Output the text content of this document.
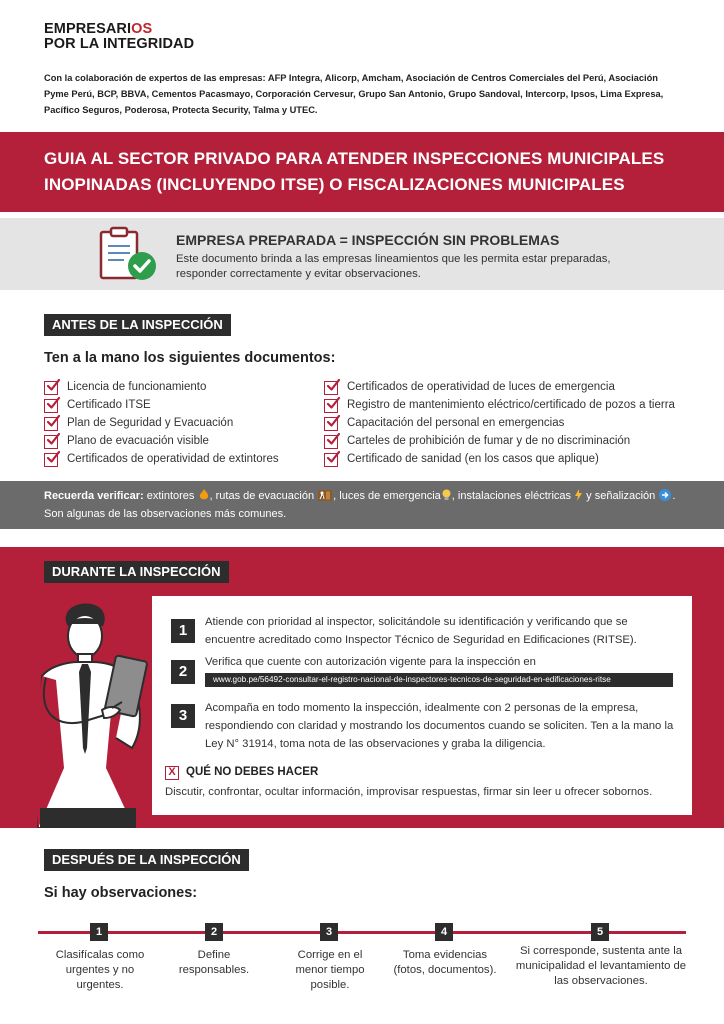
EMPRESARIOS
POR LA INTEGRIDAD
Con la colaboración de expertos de las empresas: AFP Integra, Alicorp, Amcham, Asociación de Centros Comerciales del Perú, Asociación Pyme Perú, BCP, BBVA, Cementos Pacasmayo, Corporación Cervesur, Grupo San Antonio, Grupo Sandoval, Intercorp, Ipsos, Lima Expresa, Pacífico Seguros, Poderosa, Protecta Security, Talma y UTEC.
GUIA AL SECTOR PRIVADO PARA ATENDER INSPECCIONES MUNICIPALES INOPINADAS (INCLUYENDO ITSE) O FISCALIZACIONES MUNICIPALES
EMPRESA PREPARADA = INSPECCIÓN SIN PROBLEMAS
Este documento brinda a las empresas lineamientos que les permita estar preparadas, responder correctamente y evitar observaciones.
ANTES DE LA INSPECCIÓN
Ten a la mano los siguientes documentos:
Licencia de funcionamiento
Certificado ITSE
Plan de Seguridad y Evacuación
Plano de evacuación visible
Certificados de operatividad de extintores
Certificados de operatividad de luces de emergencia
Registro de mantenimiento eléctrico/certificado de pozos a tierra
Capacitación del personal en emergencias
Carteles de prohibición de fumar y de no discriminación
Certificado de sanidad (en los casos que aplique)
Recuerda verificar: extintores , rutas de evacuación , luces de emergencia , instalaciones eléctricas y señalización .
Son algunas de las observaciones más comunes.
DURANTE LA INSPECCIÓN
1	Atiende con prioridad al inspector, solicitándole su identificación y verificando que se encuentre acreditado como Inspector Técnico de Seguridad en Edificaciones (RITSE).
2
Verifica que cuente con autorización vigente para la inspección en
www.gob.pe/56492-consultar-el-registro-nacional-de-inspectores-tecnicos-de-seguridad-en-edificaciones-ritse
3	Acompaña en todo momento la inspección, idealmente con 2 personas de la empresa, respondiendo con claridad y mostrando los documentos cuando se soliciten. Ten a la mano la Ley N° 31914, toma nota de las observaciones y graba la diligencia.
X QUÉ NO DEBES HACER
Discutir, confrontar, ocultar información, improvisar respuestas, firmar sin leer u ofrecer sobornos.
DESPUÉS DE LA INSPECCIÓN
Si hay observaciones:
1
Clasifícalas como urgentes y no urgentes.
2
Define responsables.
3
Corrige en el menor tiempo posible.
4
Toma evidencias (fotos, documentos).
5
Si corresponde, sustenta ante la municipalidad el levantamiento de las observaciones.
